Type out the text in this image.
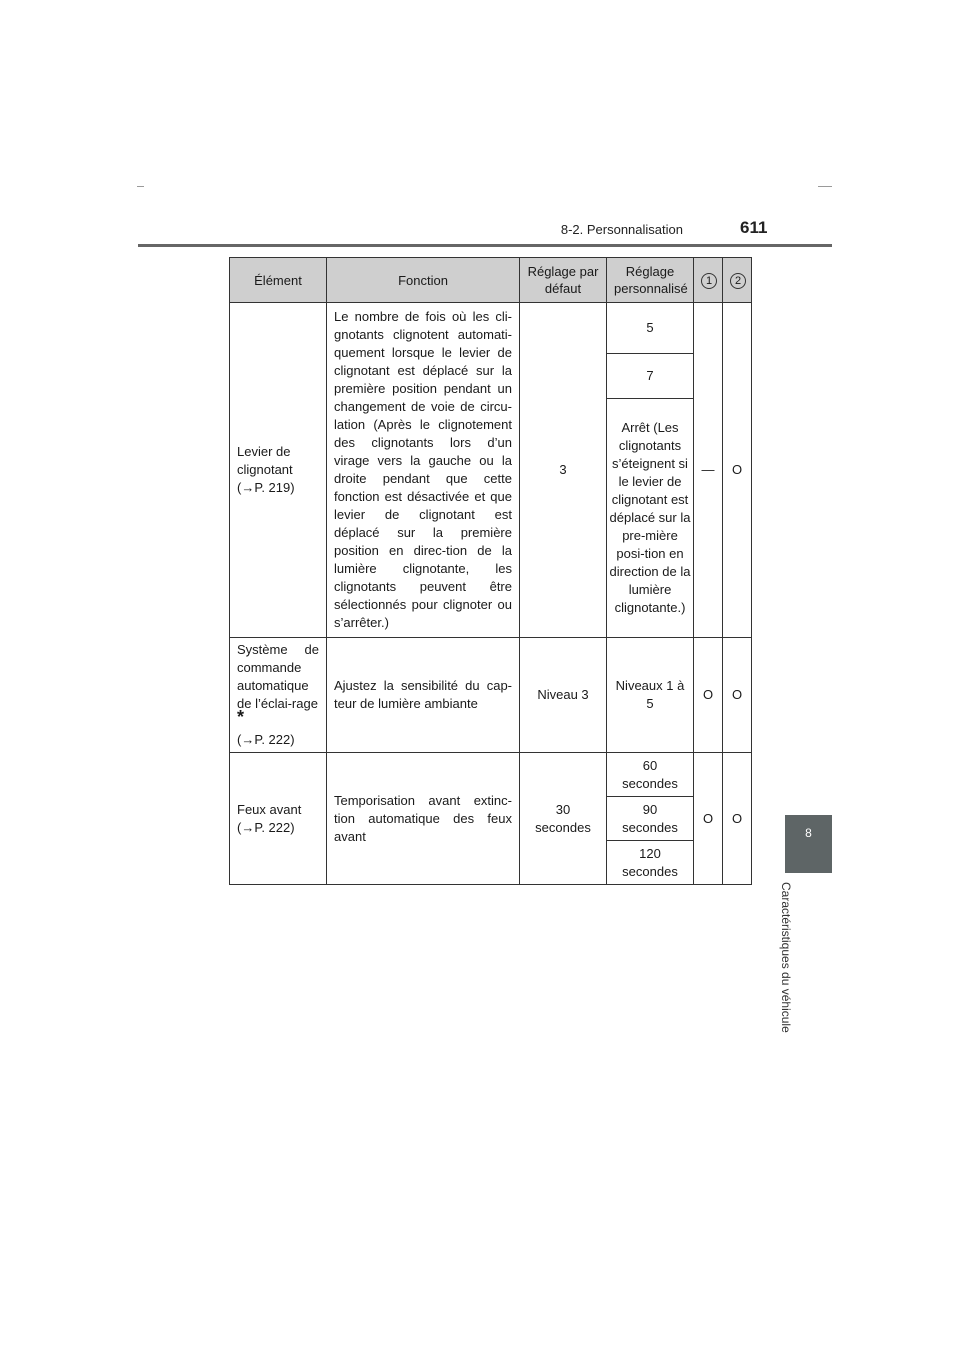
8-2. Personnalisation	611
8
Caractéristiques du véhicule
Élément	Fonction	Réglage par défaut	Réglage personnalisé	1	2
Levier de clignotant (→P. 219)	Le nombre de fois où les cli-gnotants clignotent automati-quement lorsque le levier de clignotant est déplacé sur la première position pendant un changement de voie de circu-lation (Après le clignotement des clignotants lors d’un virage vers la gauche ou la droite pendant que cette fonction est désactivée et que levier de clignotant est déplacé sur la première position en direc-tion de la lumière clignotante, les clignotants peuvent être sélectionnés pour clignoter ou s’arrêter.)	3	5	—	O
			7		
			Arrêt (Les clignotants s’éteignent si le levier de clignotant est déplacé sur la pre-mière posi-tion en direction de la lumière clignotante.)		

Système de commande automatique de l’éclai-rage
*
(→P. 222)	Ajustez la sensibilité du cap-teur de lumière ambiante	Niveau 3	Niveaux 1 à 5	O	O
Feux avant (→P. 222)	Temporisation avant extinc-tion automatique des feux avant	30 secondes	60 secondes	O	O
			90 secondes		
			120 secondes		
